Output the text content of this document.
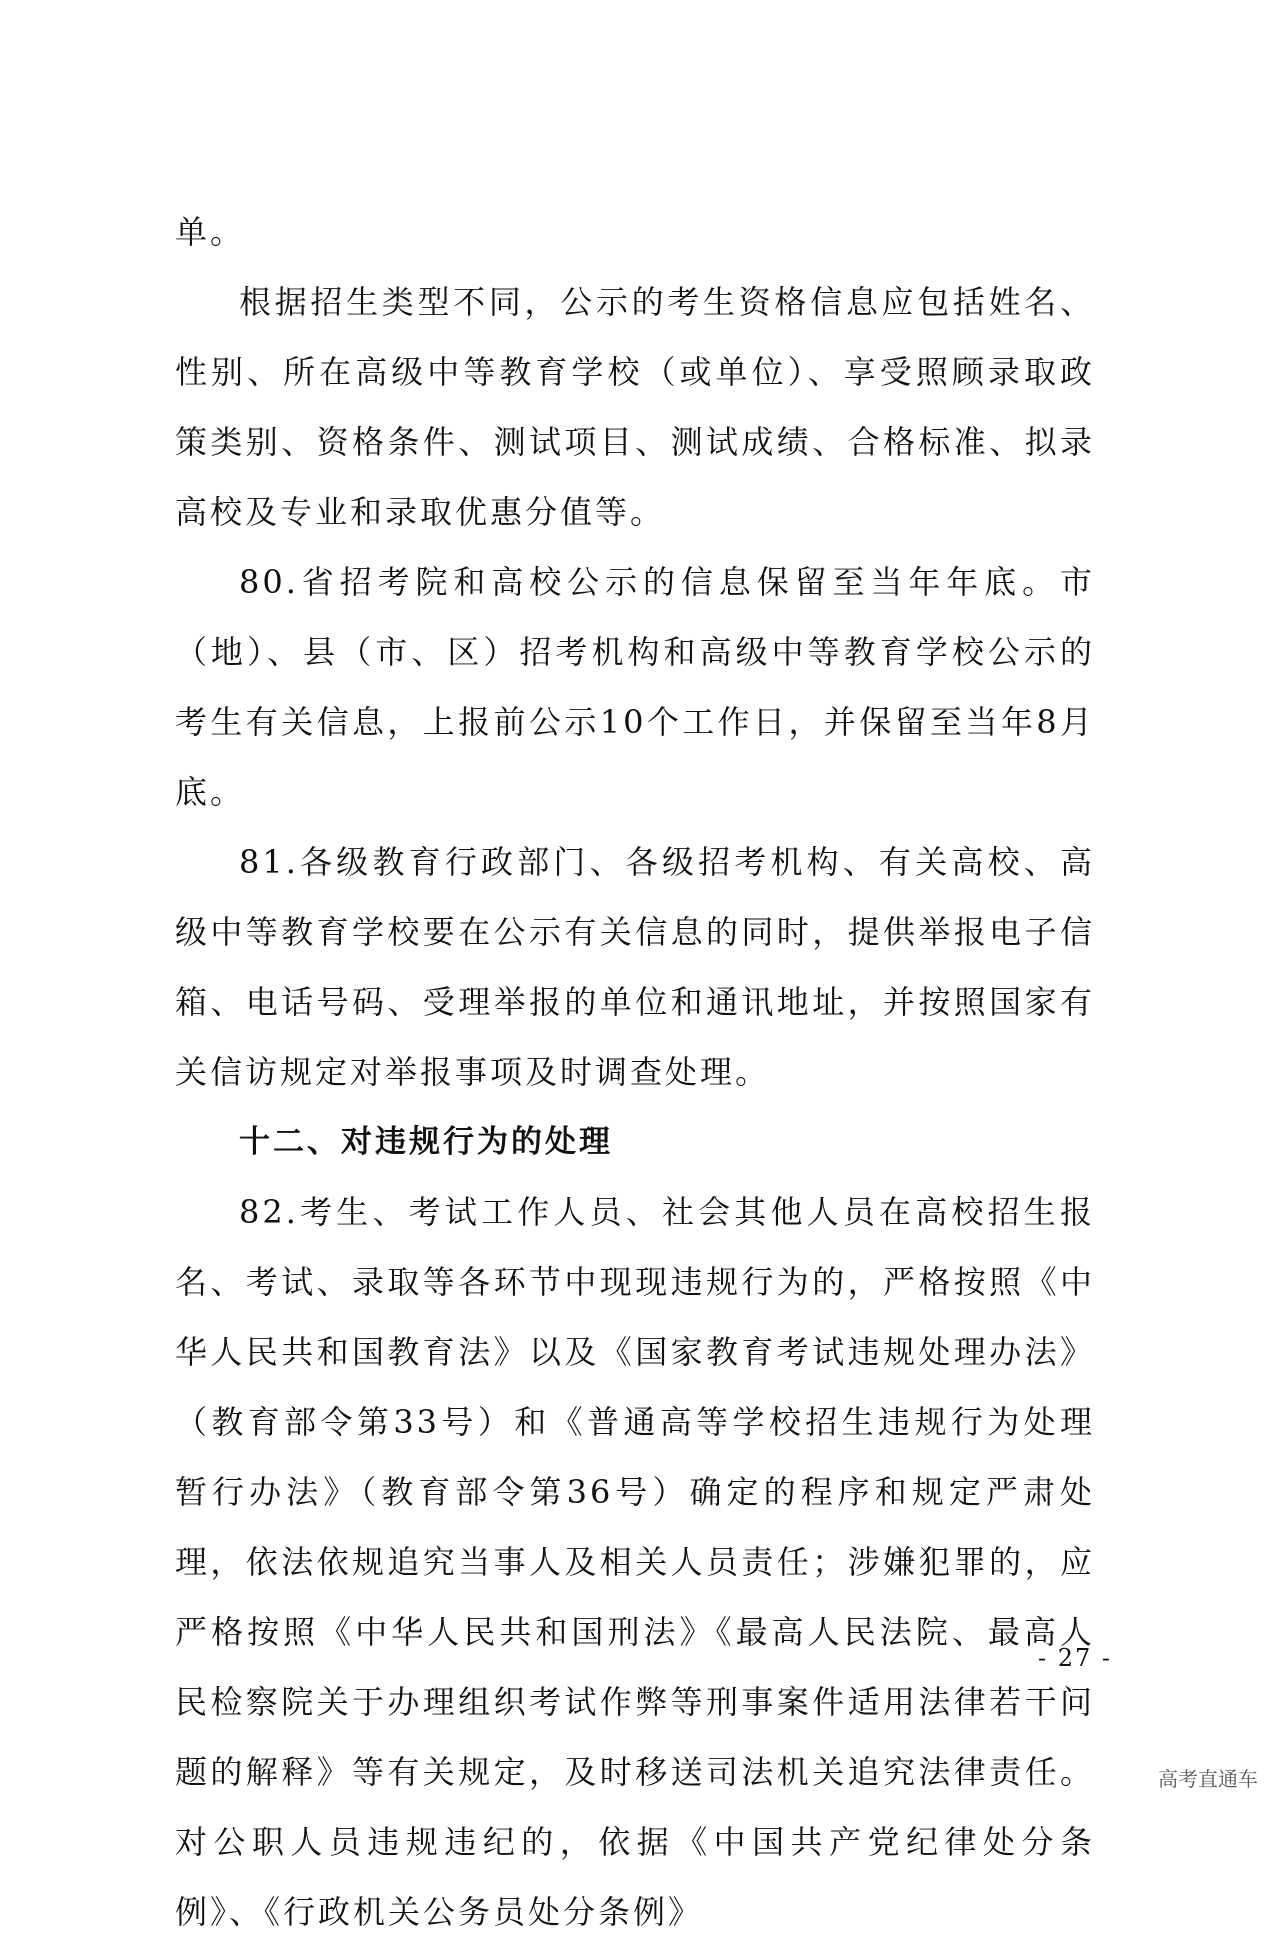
单。

根据招生类型不同，公示的考生资格信息应包括姓名、性别、所在高级中等教育学校（或单位）、享受照顾录取政策类别、资格条件、测试项目、测试成绩、合格标准、拟录高校及专业和录取优惠分值等。

80.省招考院和高校公示的信息保留至当年年底。市（地）、县（市、区）招考机构和高级中等教育学校公示的考生有关信息，上报前公示10个工作日，并保留至当年8月底。

81.各级教育行政部门、各级招考机构、有关高校、高级中等教育学校要在公示有关信息的同时，提供举报电子信箱、电话号码、受理举报的单位和通讯地址，并按照国家有关信访规定对举报事项及时调查处理。

十二、对违规行为的处理

82.考生、考试工作人员、社会其他人员在高校招生报名、考试、录取等各环节中现现违规行为的，严格按照《中华人民共和国教育法》以及《国家教育考试违规处理办法》（教育部令第33号）和《普通高等学校招生违规行为处理暂行办法》（教育部令第36号）确定的程序和规定严肃处理，依法依规追究当事人及相关人员责任；涉嫌犯罪的，应严格按照《中华人民共和国刑法》《最高人民法院、最高人民检察院关于办理组织考试作弊等刑事案件适用法律若干问题的解释》等有关规定，及时移送司法机关追究法律责任。对公职人员违规违纪的，依据《中国共产党纪律处分条例》、《行政机关公务员处分条例》

- 27 -
高考直通车
